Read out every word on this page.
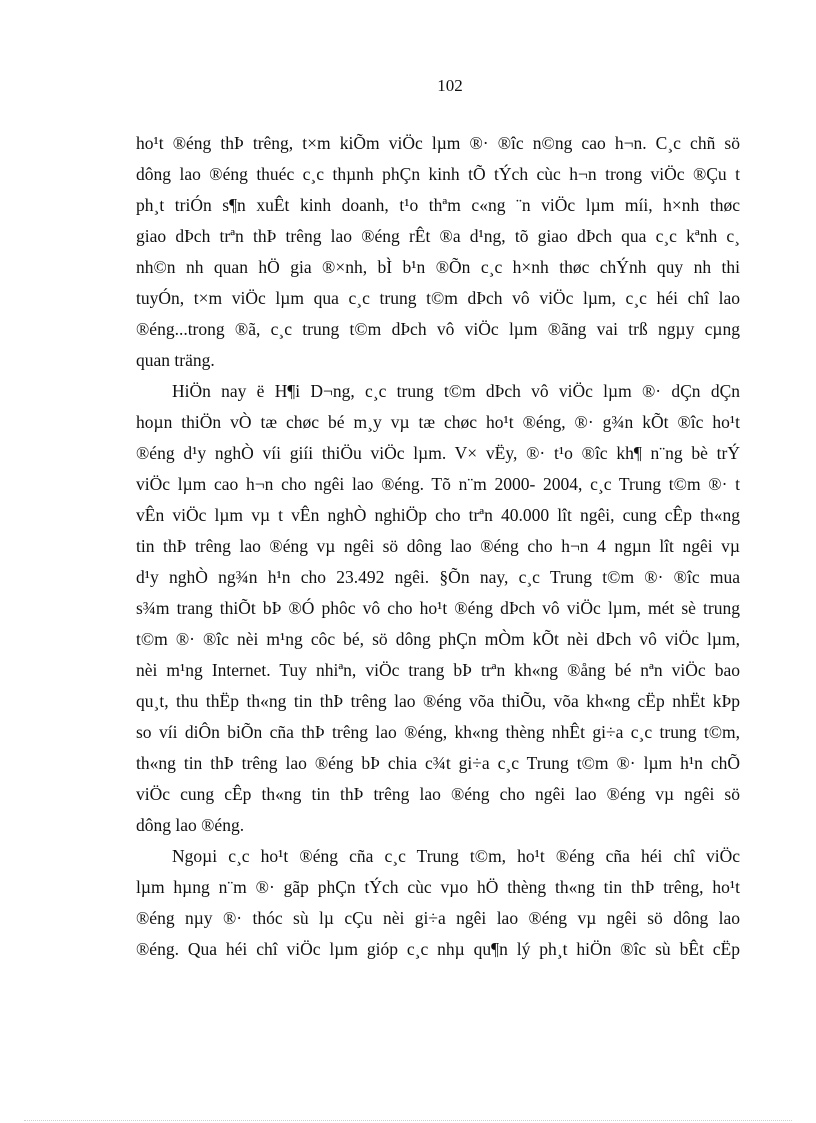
102
ho¹t ®éng thÞ trêng, t×m kiÕm viÖc lµm ®· ®îc n©ng cao h¬n. C¸c chñ sö
dông lao ®éng thuéc c¸c thµnh phÇn kinh tÕ tÝch cùc h¬n trong viÖc ®Çu t
ph¸t triÓn s¶n xuÊt kinh doanh, t¹o thªm c«ng ¨n viÖc lµm míi, h×nh thøc
giao dÞch trªn thÞ trêng lao ®éng rÊt ®a d¹ng, tõ giao dÞch qua c¸c kªnh c¸
nh©n nh quan hÖ gia ®×nh, bÌ b¹n ®Õn c¸c h×nh thøc chÝnh quy nh thi
tuyÓn, t×m viÖc lµm qua c¸c trung t©m dÞch vô viÖc lµm, c¸c héi chî lao
®éng...trong ®ã, c¸c trung t©m dÞch vô viÖc lµm ®ãng vai trß ngµy cµng
quan träng.
HiÖn nay ë H¶i D¬ng, c¸c trung t©m dÞch vô viÖc lµm ®· dÇn dÇn
hoµn thiÖn vÒ tæ chøc bé m¸y vµ tæ chøc ho¹t ®éng, ®· g¾n kÕt ®îc ho¹t
®éng d¹y nghÒ víi giíi thiÖu viÖc lµm. V× vËy, ®· t¹o ®îc kh¶ n¨ng bè trÝ
viÖc lµm cao h¬n cho ngêi lao ®éng. Tõ n¨m 2000- 2004, c¸c Trung t©m ®· t
vÊn viÖc lµm vµ t vÊn nghÒ nghiÖp cho trªn 40.000 lît ngêi, cung cÊp th«ng
tin thÞ trêng lao ®éng vµ ngêi sö dông lao ®éng cho h¬n 4 ngµn lît ngêi vµ
d¹y nghÒ ng¾n h¹n cho 23.492 ngêi. §Õn nay, c¸c Trung t©m ®· ®îc mua
s¾m trang thiÕt bÞ ®Ó phôc vô cho ho¹t ®éng dÞch vô viÖc lµm, mét sè trung
t©m ®· ®îc nèi m¹ng côc bé, sö dông phÇn mÒm kÕt nèi dÞch vô viÖc lµm,
nèi m¹ng Internet. Tuy nhiªn, viÖc trang bÞ trªn kh«ng ®ång bé nªn viÖc bao
qu¸t, thu thËp th«ng tin thÞ trêng lao ®éng võa thiÕu, võa kh«ng cËp nhËt kÞp
so víi diÔn biÕn cña thÞ trêng lao ®éng, kh«ng thèng nhÊt gi÷a c¸c trung t©m,
th«ng tin thÞ trêng lao ®éng bÞ chia c¾t gi÷a c¸c Trung t©m ®· lµm h¹n chÕ
viÖc cung cÊp th«ng tin thÞ trêng lao ®éng cho ngêi lao ®éng vµ ngêi sö
dông lao ®éng.
Ngoµi c¸c ho¹t ®éng cña c¸c Trung t©m, ho¹t ®éng cña héi chî viÖc
lµm hµng n¨m ®· gãp phÇn tÝch cùc vµo hÖ thèng th«ng tin thÞ trêng, ho¹t
®éng nµy ®· thóc sù lµ cÇu nèi gi÷a ngêi lao ®éng vµ ngêi sö dông lao
®éng. Qua héi chî viÖc lµm gióp c¸c nhµ qu¶n lý ph¸t hiÖn ®îc sù bÊt cËp
